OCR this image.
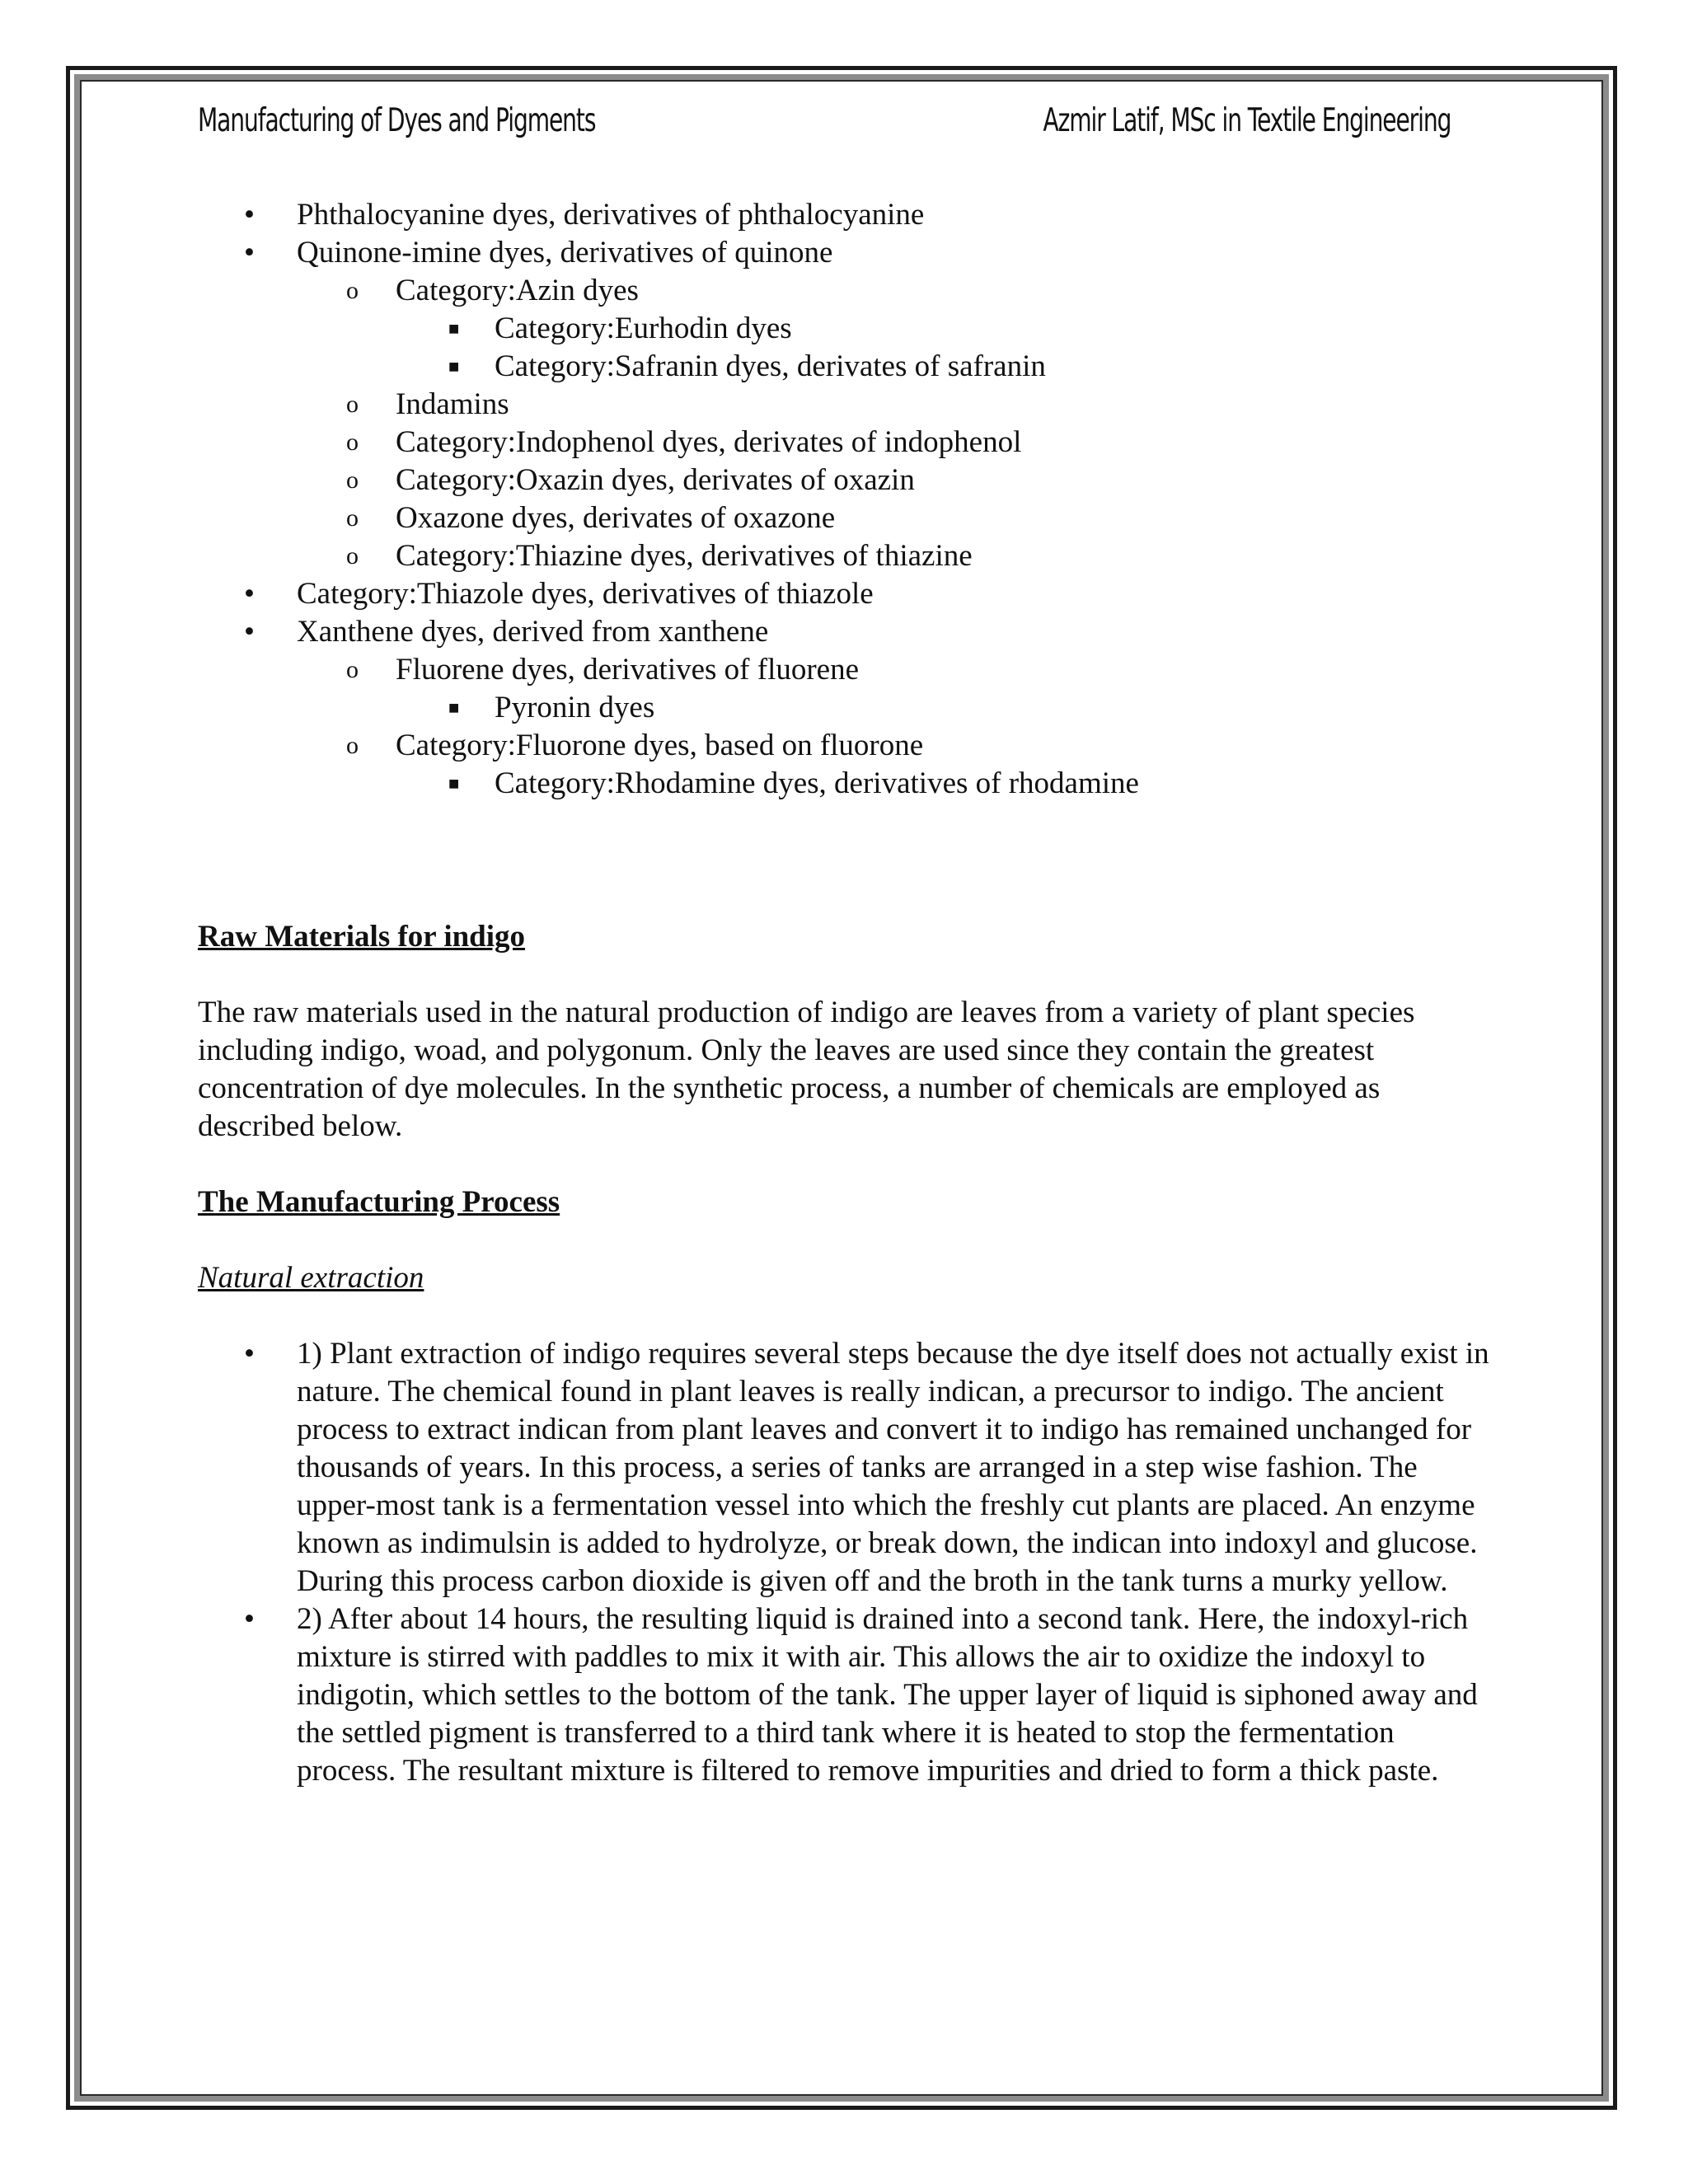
Manufacturing of Dyes and Pigments	Azmir Latif, MSc in Textile Engineering
• Phthalocyanine dyes, derivatives of phthalocyanine
• Quinone-imine dyes, derivatives of quinone
o Category:Azin dyes
■ Category:Eurhodin dyes
■ Category:Safranin dyes, derivates of safranin
o Indamins
o Category:Indophenol dyes, derivates of indophenol
o Category:Oxazin dyes, derivates of oxazin
o Oxazone dyes, derivates of oxazone
o Category:Thiazine dyes, derivatives of thiazine
• Category:Thiazole dyes, derivatives of thiazole
• Xanthene dyes, derived from xanthene
o Fluorene dyes, derivatives of fluorene
■ Pyronin dyes
o Category:Fluorone dyes, based on fluorone
■ Category:Rhodamine dyes, derivatives of rhodamine

Raw Materials for indigo

The raw materials used in the natural production of indigo are leaves from a variety of plant species including indigo, woad, and polygonum. Only the leaves are used since they contain the greatest concentration of dye molecules. In the synthetic process, a number of chemicals are employed as described below.

The Manufacturing Process

Natural extraction

• 1) Plant extraction of indigo requires several steps because the dye itself does not actually exist in nature. The chemical found in plant leaves is really indican, a precursor to indigo. The ancient process to extract indican from plant leaves and convert it to indigo has remained unchanged for thousands of years. In this process, a series of tanks are arranged in a step wise fashion. The upper-most tank is a fermentation vessel into which the freshly cut plants are placed. An enzyme known as indimulsin is added to hydrolyze, or break down, the indican into indoxyl and glucose. During this process carbon dioxide is given off and the broth in the tank turns a murky yellow.
• 2) After about 14 hours, the resulting liquid is drained into a second tank. Here, the indoxyl-rich mixture is stirred with paddles to mix it with air. This allows the air to oxidize the indoxyl to indigotin, which settles to the bottom of the tank. The upper layer of liquid is siphoned away and the settled pigment is transferred to a third tank where it is heated to stop the fermentation process. The resultant mixture is filtered to remove impurities and dried to form a thick paste.
